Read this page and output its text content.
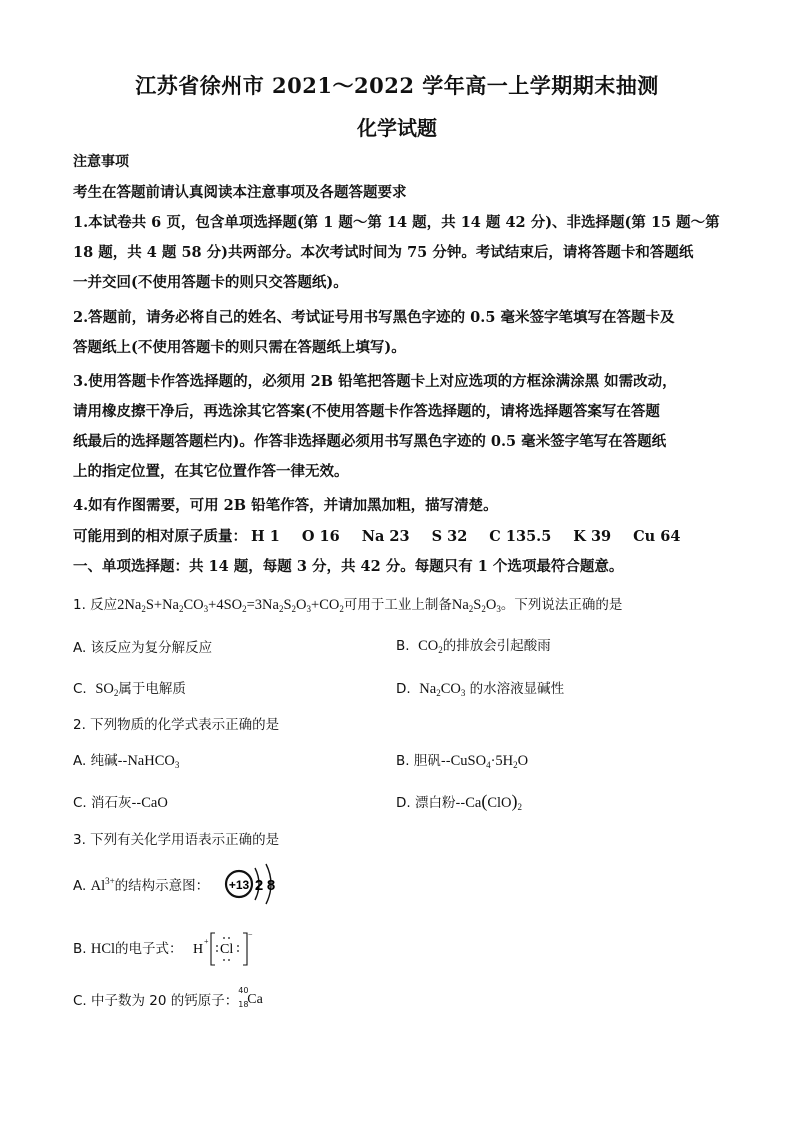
江苏省徐州市 2021～2022 学年高一上学期期末抽测
化学试题
注意事项
考生在答题前请认真阅读本注意事项及各题答题要求
1.本试卷共 6 页，包含单项选择题(第 1 题～第 14 题，共 14 题 42 分)、非选择题(第 15 题～第
18 题，共 4 题 58 分)共两部分。本次考试时间为 75 分钟。考试结束后，请将答题卡和答题纸
一并交回(不使用答题卡的则只交答题纸)。
2.答题前，请务必将自己的姓名、考试证号用书写黑色字迹的 0.5 毫米签字笔填写在答题卡及
答题纸上(不使用答题卡的则只需在答题纸上填写)。
3.使用答题卡作答选择题的，必须用 2B 铅笔把答题卡上对应选项的方框涂满涂黑 如需改动，
请用橡皮擦干净后，再选涂其它答案(不使用答题卡作答选择题的，请将选择题答案写在答题
纸最后的选择题答题栏内)。作答非选择题必须用书写黑色字迹的 0.5 毫米签字笔写在答题纸
上的指定位置，在其它位置作答一律无效。
4.如有作图需要，可用 2B 铅笔作答，并请加黑加粗，描写清楚。
可能用到的相对原子质量： H 1 O 16 Na 23 S 32 C 135.5 K 39 Cu 64
一、单项选择题：共 14 题，每题 3 分，共 42 分。每题只有 1 个选项最符合题意。
1. 反应$2Na_2S+Na_2CO_3+4SO_2=3Na_2S_2O_3+CO_2$可用于工业上制备$Na_2S_2O_3$。下列说法正确的是
A. 该反应为复分解反应	B.  $CO_2$的排放会引起酸雨
C.  $SO_2$属于电解质	D.  $Na_2CO_3$ 的水溶液显碱性
2. 下列物质的化学式表示正确的是
A. 纯碱--NaHCO$_3$	B. 胆矾$--CuSO_4\cdot 5H_2O$
C. 消石灰--CaO	D. 漂白粉$--Ca(ClO)_2$
3. 下列有关化学用语表示正确的是
A. $Al^{3+}$的结构示意图： +13 2 8
B. HCl的电子式： H
+
Cl
−
C. 中子数为 20 的钙原子：
40
18
Ca
